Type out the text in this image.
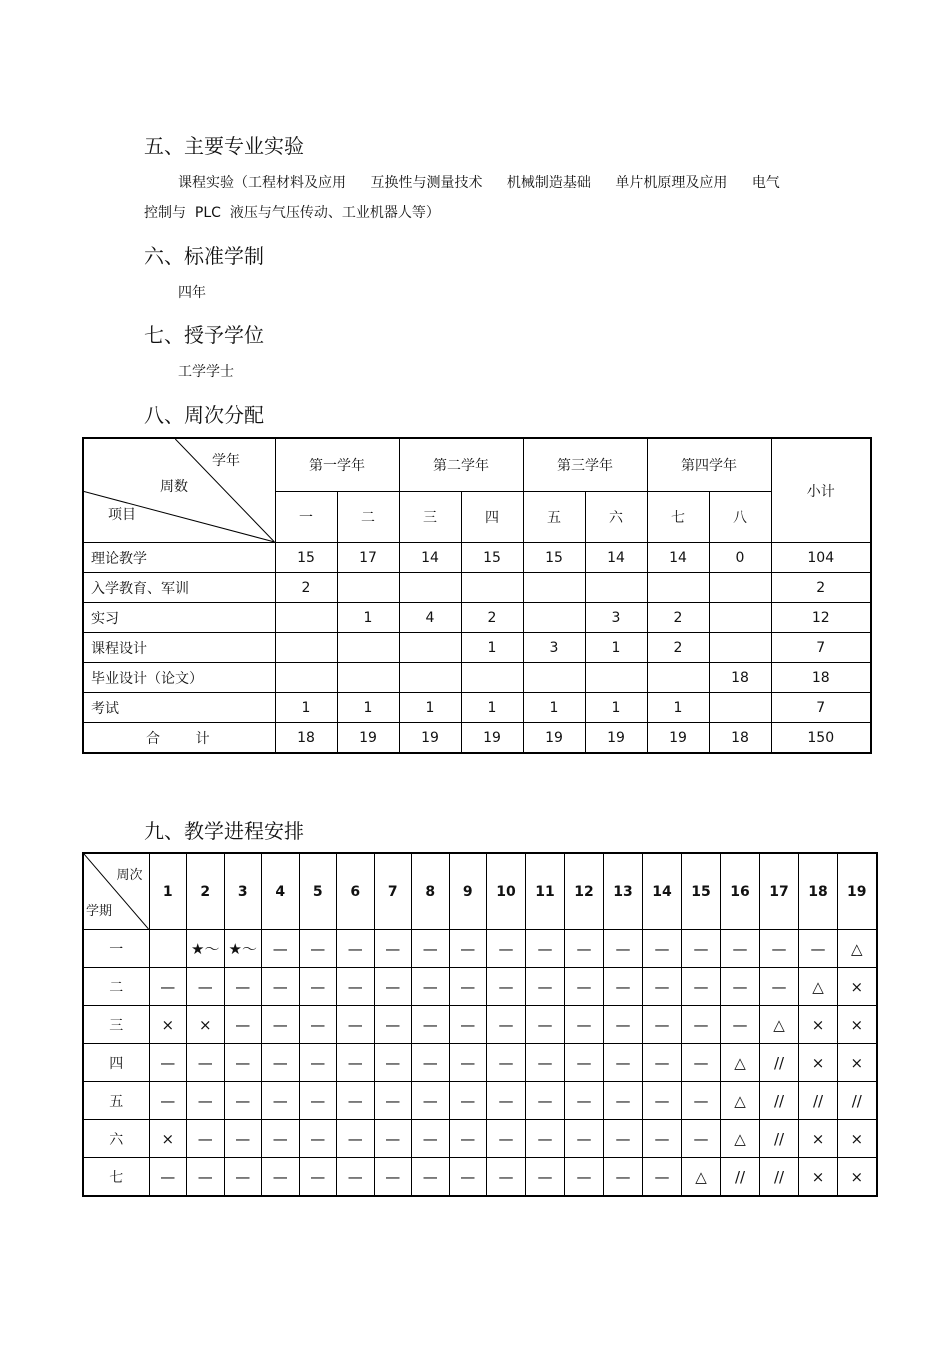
五、主要专业实验
课程实验（工程材料及应用 互换性与测量技术 机械制造基础 单片机原理及应用 电气
控制与  PLC  液压与气压传动、工业机器人等）
六、标准学制
四年
七、授予学位
工学学士
八、周次分配
学年
周数
项目	第一学年		第二学年		第三学年		第四学年		小计
	一	二	三	四	五	六	七	八	
理论教学	15	17	14	15	15	14	14	0	104
入学教育、军训	2								2
实习		1	4	2		3	2		12
课程设计				1	3	1	2		7
毕业设计（论文）								18	18
考试	1	1	1	1	1	1	1		7
合        计	18	19	19	19	19	19	19	18	150
九、教学进程安排
周次
学期	1	2	3	4	5	6	7	8	9	10	11	12	13	14	15	16	17	18	19
一		★～	★～	—	—	—	—	—	—	—	—	—	—	—	—	—	—	—	△
二	—	—	—	—	—	—	—	—	—	—	—	—	—	—	—	—	—	△	×
三	×	×	—	—	—	—	—	—	—	—	—	—	—	—	—	—	△	×	×
四	—	—	—	—	—	—	—	—	—	—	—	—	—	—	—	△	//	×	×
五	—	—	—	—	—	—	—	—	—	—	—	—	—	—	—	△	//	//	//
六	×	—	—	—	—	—	—	—	—	—	—	—	—	—	—	△	//	×	×
七	—	—	—	—	—	—	—	—	—	—	—	—	—	—	△	//	//	×	×
